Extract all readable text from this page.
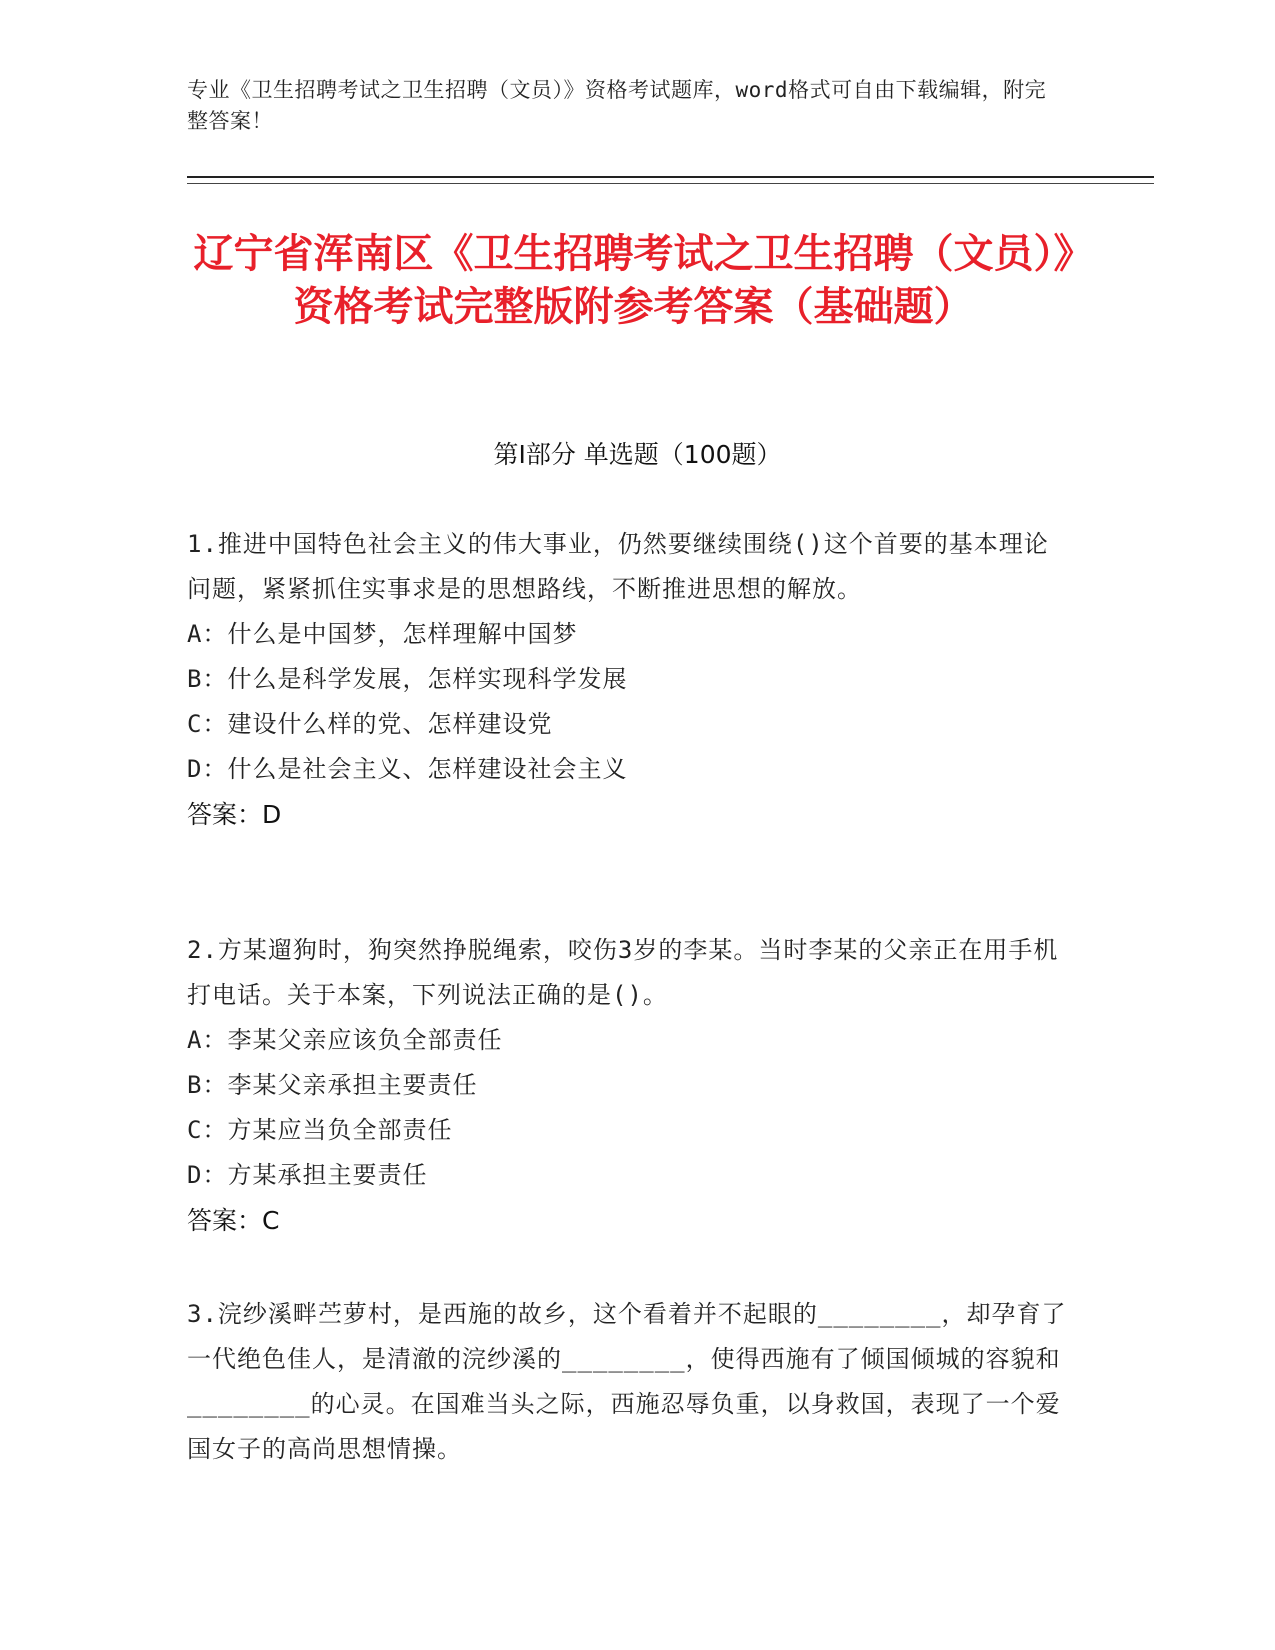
专业《卫生招聘考试之卫生招聘（文员）》资格考试题库，word格式可自由下载编辑，附完整答案！
辽宁省浑南区《卫生招聘考试之卫生招聘（文员）》资格考试完整版附参考答案（基础题）
第Ⅰ部分 单选题（100题）

1.推进中国特色社会主义的伟大事业，仍然要继续围绕()这个首要的基本理论问题，紧紧抓住实事求是的思想路线，不断推进思想的解放。

A：什么是中国梦，怎样理解中国梦

B：什么是科学发展，怎样实现科学发展

C：建设什么样的党、怎样建设党

D：什么是社会主义、怎样建设社会主义

答案：D

2.方某遛狗时，狗突然挣脱绳索，咬伤3岁的李某。当时李某的父亲正在用手机打电话。关于本案，下列说法正确的是()。

A：李某父亲应该负全部责任

B：李某父亲承担主要责任

C：方某应当负全部责任

D：方某承担主要责任

答案：C

3.浣纱溪畔苎萝村，是西施的故乡，这个看着并不起眼的________，却孕育了一代绝色佳人，是清澈的浣纱溪的________，使得西施有了倾国倾城的容貌和________的心灵。在国难当头之际，西施忍辱负重，以身救国，表现了一个爱国女子的高尚思想情操。
